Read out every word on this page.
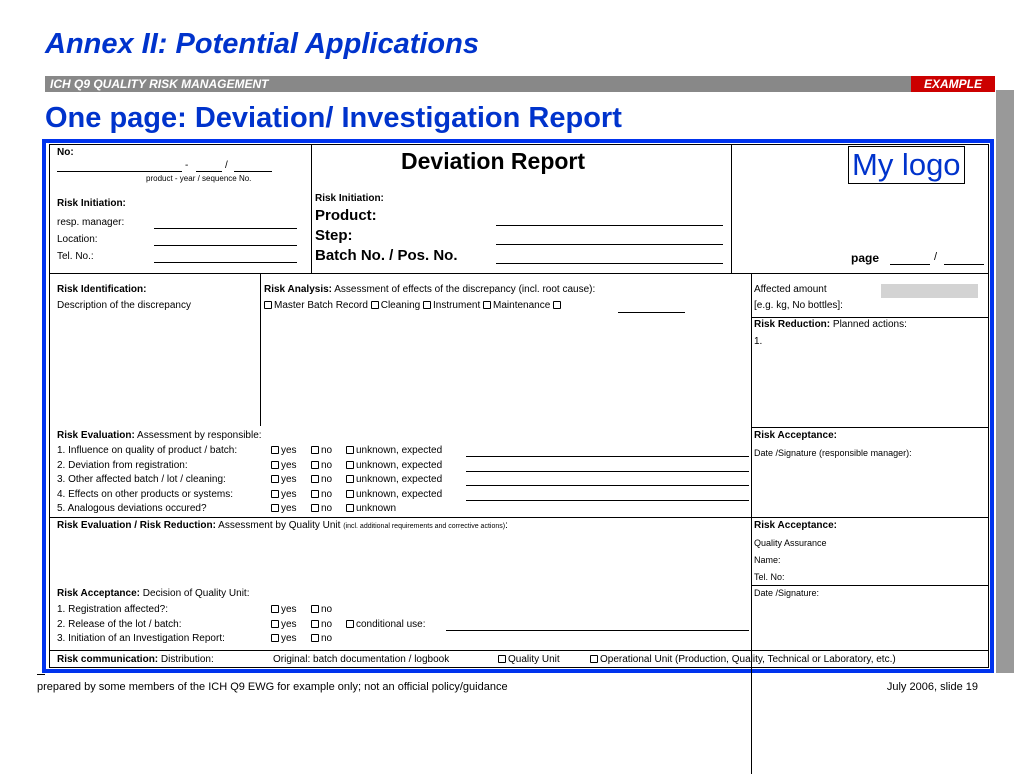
Annex II: Potential Applications
ICH Q9 QUALITY RISK MANAGEMENT	EXAMPLE
One page: Deviation/ Investigation Report
No:
-	/
product - year / sequence No.
Risk Initiation:
resp. manager:
Location:
Tel. No.:
Deviation Report
Risk Initiation:
Product:
Step:
Batch No. / Pos. No.
My logo
page	/
Risk Identification:
Description of the discrepancy
Risk Analysis: Assessment of effects of the discrepancy (incl. root cause):
Master Batch Record Cleaning Instrument Maintenance
Affected amount
[e.g. kg, No bottles]:
Risk Reduction: Planned actions:
1.
Risk Evaluation: Assessment by responsible:
1. Influence on quality of product / batch:	yes	no	unknown, expected
2. Deviation from registration:	yes	no	unknown, expected
3. Other affected batch / lot / cleaning:	yes	no	unknown, expected
4. Effects on other products or systems:	yes	no	unknown, expected
5. Analogous deviations occured?	yes	no	unknown
Risk Acceptance:
Date /Signature (responsible manager):
Risk Evaluation / Risk Reduction: Assessment by Quality Unit (incl. additional requirements and corrective actions):	Risk Acceptance:
Quality Assurance
Name:
Tel. No:
Date /Signature:
Risk Acceptance: Decision of Quality Unit:
1. Registration affected?:	yes	no
2. Release of the lot / batch:	yes	no	conditional use:
3. Initiation of an Investigation Report:	yes	no
Risk communication: Distribution:	Original: batch documentation / logbook	Quality Unit	Operational Unit (Production, Quality, Technical or Laboratory, etc.)
prepared by some members of the ICH Q9 EWG for example only; not an official policy/guidance	July 2006, slide 19
